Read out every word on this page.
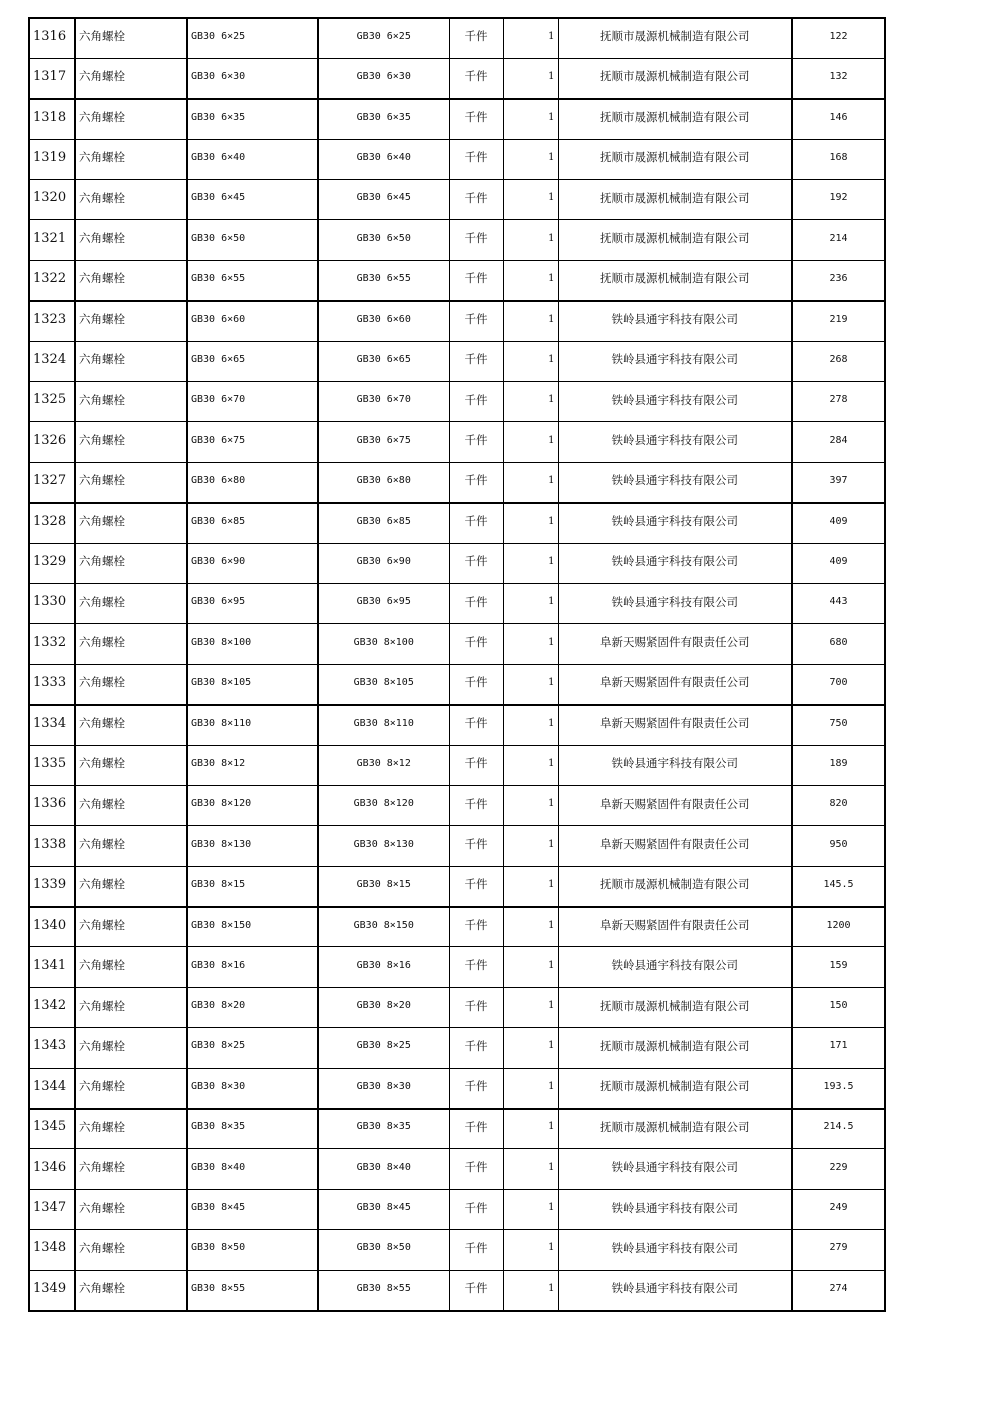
1316	六角螺栓	GB30 6×25	GB30 6×25	千件	1	抚顺市晟源机械制造有限公司	122
1317	六角螺栓	GB30 6×30	GB30 6×30	千件	1	抚顺市晟源机械制造有限公司	132
1318	六角螺栓	GB30 6×35	GB30 6×35	千件	1	抚顺市晟源机械制造有限公司	146
1319	六角螺栓	GB30 6×40	GB30 6×40	千件	1	抚顺市晟源机械制造有限公司	168
1320	六角螺栓	GB30 6×45	GB30 6×45	千件	1	抚顺市晟源机械制造有限公司	192
1321	六角螺栓	GB30 6×50	GB30 6×50	千件	1	抚顺市晟源机械制造有限公司	214
1322	六角螺栓	GB30 6×55	GB30 6×55	千件	1	抚顺市晟源机械制造有限公司	236
1323	六角螺栓	GB30 6×60	GB30 6×60	千件	1	铁岭县通宇科技有限公司	219
1324	六角螺栓	GB30 6×65	GB30 6×65	千件	1	铁岭县通宇科技有限公司	268
1325	六角螺栓	GB30 6×70	GB30 6×70	千件	1	铁岭县通宇科技有限公司	278
1326	六角螺栓	GB30 6×75	GB30 6×75	千件	1	铁岭县通宇科技有限公司	284
1327	六角螺栓	GB30 6×80	GB30 6×80	千件	1	铁岭县通宇科技有限公司	397
1328	六角螺栓	GB30 6×85	GB30 6×85	千件	1	铁岭县通宇科技有限公司	409
1329	六角螺栓	GB30 6×90	GB30 6×90	千件	1	铁岭县通宇科技有限公司	409
1330	六角螺栓	GB30 6×95	GB30 6×95	千件	1	铁岭县通宇科技有限公司	443
1332	六角螺栓	GB30 8×100	GB30 8×100	千件	1	阜新天赐紧固件有限责任公司	680
1333	六角螺栓	GB30 8×105	GB30 8×105	千件	1	阜新天赐紧固件有限责任公司	700
1334	六角螺栓	GB30 8×110	GB30 8×110	千件	1	阜新天赐紧固件有限责任公司	750
1335	六角螺栓	GB30 8×12	GB30 8×12	千件	1	铁岭县通宇科技有限公司	189
1336	六角螺栓	GB30 8×120	GB30 8×120	千件	1	阜新天赐紧固件有限责任公司	820
1338	六角螺栓	GB30 8×130	GB30 8×130	千件	1	阜新天赐紧固件有限责任公司	950
1339	六角螺栓	GB30 8×15	GB30 8×15	千件	1	抚顺市晟源机械制造有限公司	145.5
1340	六角螺栓	GB30 8×150	GB30 8×150	千件	1	阜新天赐紧固件有限责任公司	1200
1341	六角螺栓	GB30 8×16	GB30 8×16	千件	1	铁岭县通宇科技有限公司	159
1342	六角螺栓	GB30 8×20	GB30 8×20	千件	1	抚顺市晟源机械制造有限公司	150
1343	六角螺栓	GB30 8×25	GB30 8×25	千件	1	抚顺市晟源机械制造有限公司	171
1344	六角螺栓	GB30 8×30	GB30 8×30	千件	1	抚顺市晟源机械制造有限公司	193.5
1345	六角螺栓	GB30 8×35	GB30 8×35	千件	1	抚顺市晟源机械制造有限公司	214.5
1346	六角螺栓	GB30 8×40	GB30 8×40	千件	1	铁岭县通宇科技有限公司	229
1347	六角螺栓	GB30 8×45	GB30 8×45	千件	1	铁岭县通宇科技有限公司	249
1348	六角螺栓	GB30 8×50	GB30 8×50	千件	1	铁岭县通宇科技有限公司	279
1349	六角螺栓	GB30 8×55	GB30 8×55	千件	1	铁岭县通宇科技有限公司	274
